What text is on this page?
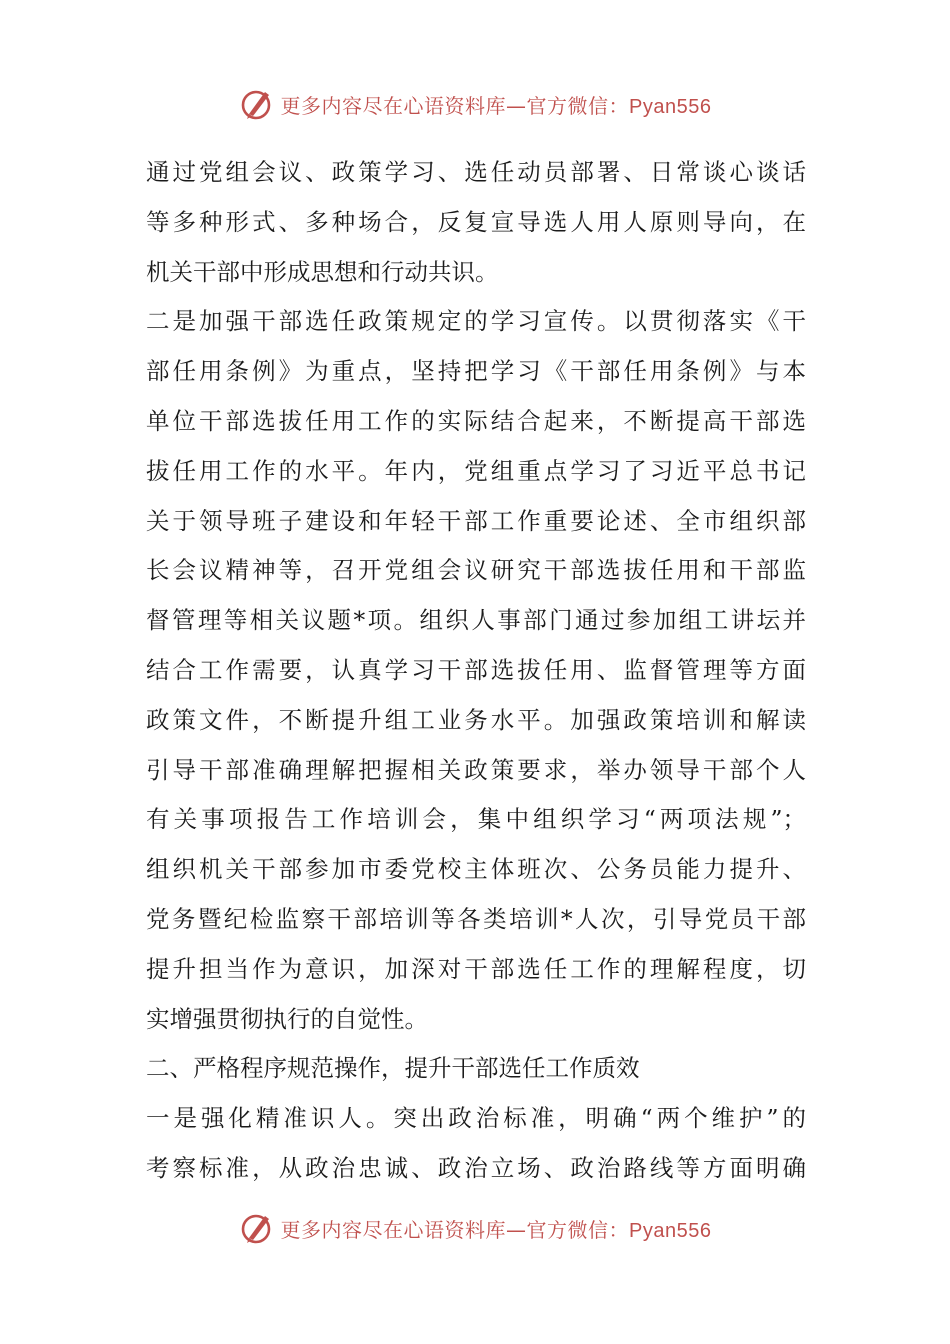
更多内容尽在心语资料库—官方微信：Pyan556
通过党组会议、政策学习、选任动员部署、日常谈心谈话
等多种形式、多种场合，反复宣导选人用人原则导向，在
机关干部中形成思想和行动共识。
二是加强干部选任政策规定的学习宣传。以贯彻落实《干
部任用条例》为重点，坚持把学习《干部任用条例》与本
单位干部选拔任用工作的实际结合起来，不断提高干部选
拔任用工作的水平。年内，党组重点学习了习近平总书记
关于领导班子建设和年轻干部工作重要论述、全市组织部
长会议精神等，召开党组会议研究干部选拔任用和干部监
督管理等相关议题*项。组织人事部门通过参加组工讲坛并
结合工作需要，认真学习干部选拔任用、监督管理等方面
政策文件，不断提升组工业务水平。加强政策培训和解读
引导干部准确理解把握相关政策要求，举办领导干部个人
有关事项报告工作培训会，集中组织学习“两项法规”；
组织机关干部参加市委党校主体班次、公务员能力提升、
党务暨纪检监察干部培训等各类培训*人次，引导党员干部
提升担当作为意识，加深对干部选任工作的理解程度，切
实增强贯彻执行的自觉性。
二、严格程序规范操作，提升干部选任工作质效
一是强化精准识人。突出政治标准，明确“两个维护”的
考察标准，从政治忠诚、政治立场、政治路线等方面明确
更多内容尽在心语资料库—官方微信：Pyan556
